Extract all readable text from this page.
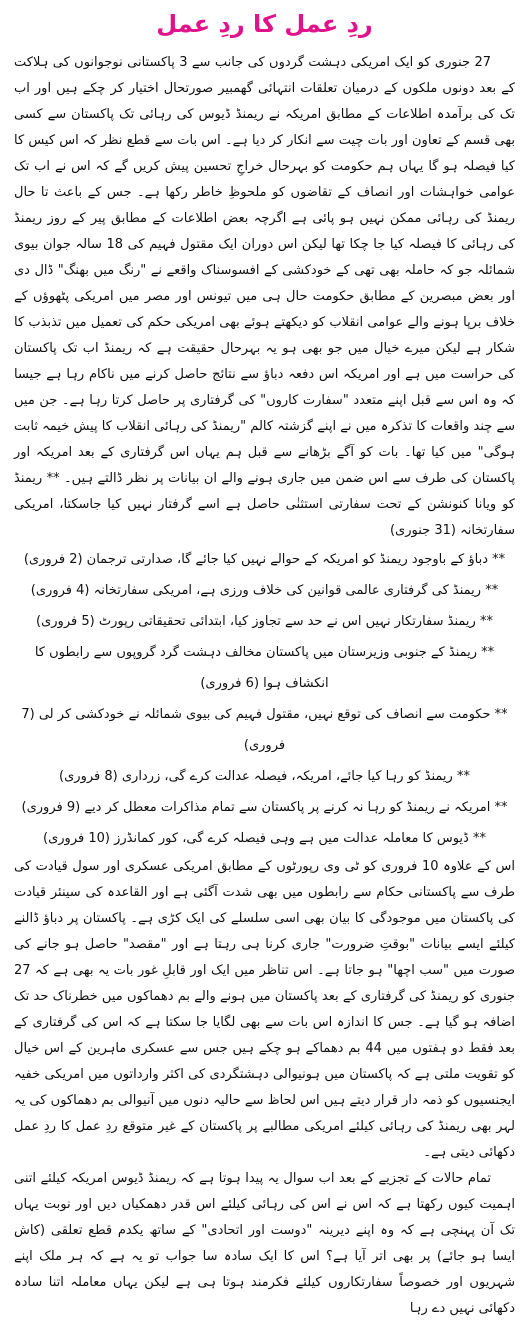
ردِ عمل کا ردِ عمل

27 جنوری کو ایک امریکی دہشت گردوں کی جانب سے 3 پاکستانی نوجوانوں کی ہلاکت کے بعد دونوں ملکوں کے درمیان تعلقات انتہائی گھمبیر صورتحال اختیار کر چکے ہیں اور اب تک کی برآمدہ اطلاعات کے مطابق امریکہ نے ریمنڈ ڈیوس کی رہائی تک پاکستان سے کسی بھی قسم کے تعاون اور بات چیت سے انکار کر دیا ہے۔ اس بات سے قطع نظر کہ اس کیس کا کیا فیصلہ ہو گا یہاں ہم حکومت کو بہرحال خراجِ تحسین پیش کریں گے کہ اس نے اب تک عوامی خواہشات اور انصاف کے تقاضوں کو ملحوظِ خاطر رکھا ہے۔ جس کے باعث تا حال ریمنڈ کی رہائی ممکن نہیں ہو پائی ہے اگرچہ بعض اطلاعات کے مطابق پیر کے روز ریمنڈ کی رہائی کا فیصلہ کیا جا چکا تھا لیکن اس دوران ایک مقتول فہیم کی 18 سالہ جوان بیوی شمائلہ جو کہ حاملہ بھی تھی کے خودکشی کے افسوسناک واقعے نے "رنگ میں بھنگ" ڈال دی اور بعض مبصرین کے مطابق حکومت حال ہی میں تیونس اور مصر میں امریکی پٹھوؤں کے خلاف برپا ہونے والے عوامی انقلاب کو دیکھتے ہوئے بھی امریکی حکم کی تعمیل میں تذبذب کا شکار ہے لیکن میرے خیال میں جو بھی ہو یہ بہرحال حقیقت ہے کہ ریمنڈ اب تک پاکستان کی حراست میں ہے اور امریکہ اس دفعہ دباؤ سے نتائج حاصل کرنے میں ناکام رہا ہے جیسا کہ وہ اس سے قبل اپنے متعدد "سفارت کاروں" کی گرفتاری پر حاصل کرتا رہا ہے۔ جن میں سے چند واقعات کا تذکرہ میں نے اپنے گزشتہ کالم "ریمنڈ کی رہائی انقلاب کا پیش خیمہ ثابت ہوگی" میں کیا تھا۔ بات کو آگے بڑھانے سے قبل ہم یہاں اس گرفتاری کے بعد امریکہ اور پاکستان کی طرف سے اس ضمن میں جاری ہونے والے ان بیانات پر نظر ڈالتے ہیں۔ ** ریمنڈ کو ویانا کنونشن کے تحت سفارتی استثنٰی حاصل ہے اسے گرفتار نہیں کیا جاسکتا، امریکی سفارتخانہ (31 جنوری)

** دباؤ کے باوجود ریمنڈ کو امریکہ کے حوالے نہیں کیا جائے گا، صدارتی ترجمان (2 فروری)
** ریمنڈ کی گرفتاری عالمی قوانین کی خلاف ورزی ہے، امریکی سفارتخانہ (4 فروری)
** ریمنڈ سفارتکار نہیں اس نے حد سے تجاوز کیا، ابتدائی تحقیقاتی رپورٹ (5 فروری)
** ریمنڈ کے جنوبی وزیرستان میں پاکستان مخالف دہشت گرد گروپوں سے رابطوں کا انکشاف ہوا (6 فروری)
** حکومت سے انصاف کی توقع نہیں، مقتول فہیم کی بیوی شمائلہ نے خودکشی کر لی (7 فروری)
** ریمنڈ کو رہا کیا جائے، امریکہ، فیصلہ عدالت کرے گی، زرداری (8 فروری)
** امریکہ نے ریمنڈ کو رہا نہ کرنے پر پاکستان سے تمام مذاکرات معطل کر دیے (9 فروری)
** ڈیوس کا معاملہ عدالت میں ہے وہی فیصلہ کرے گی، کور کمانڈرز (10 فروری)

اس کے علاوہ 10 فروری کو ٹی وی رپورٹوں کے مطابق امریکی عسکری اور سول قیادت کی طرف سے پاکستانی حکام سے رابطوں میں بھی شدت آگئی ہے اور القاعدہ کی سینئر قیادت کی پاکستان میں موجودگی کا بیان بھی اسی سلسلے کی ایک کڑی ہے۔ پاکستان پر دباؤ ڈالنے کیلئے ایسے بیانات "بوقتِ ضرورت" جاری کرنا ہی رہتا ہے اور "مقصد" حاصل ہو جانے کی صورت میں "سب اچھا" ہو جاتا ہے۔ اس تناظر میں ایک اور قابلِ غور بات یہ بھی ہے کہ 27 جنوری کو ریمنڈ کی گرفتاری کے بعد پاکستان میں ہونے والے بم دھماکوں میں خطرناک حد تک اضافہ ہو گیا ہے۔ جس کا اندازہ اس بات سے بھی لگایا جا سکتا ہے کہ اس کی گرفتاری کے بعد فقط دو ہفتوں میں 44 بم دھماکے ہو چکے ہیں جس سے عسکری ماہرین کے اس خیال کو تقویت ملتی ہے کہ پاکستان میں ہونیوالی دہشتگردی کی اکثر وارداتوں میں امریکی خفیہ ایجنسیوں کو ذمہ دار قرار دیتے ہیں اس لحاظ سے حالیہ دنوں میں آنیوالی بم دھماکوں کی یہ لہر بھی ریمنڈ کی رہائی کیلئے امریکی مطالبے پر پاکستان کے غیر متوقع ردِ عمل کا ردِ عمل دکھائی دیتی ہے۔

تمام حالات کے تجزیے کے بعد اب سوال یہ پیدا ہوتا ہے کہ ریمنڈ ڈیوس امریکہ کیلئے اتنی اہمیت کیوں رکھتا ہے کہ اس نے اس کی رہائی کیلئے اس قدر دھمکیاں دیں اور نوبت یہاں تک آن پہنچی ہے کہ وہ اپنے دیرینہ "دوست اور اتحادی" کے ساتھ یکدم قطع تعلقی (کاش ایسا ہو جائے) پر بھی اتر آیا ہے؟ اس کا ایک سادہ سا جواب تو یہ ہے کہ ہر ملک اپنے شہریوں اور خصوصاً سفارتکاروں کیلئے فکرمند ہوتا ہی ہے لیکن یہاں معاملہ اتنا سادہ دکھائی نہیں دے رہا
